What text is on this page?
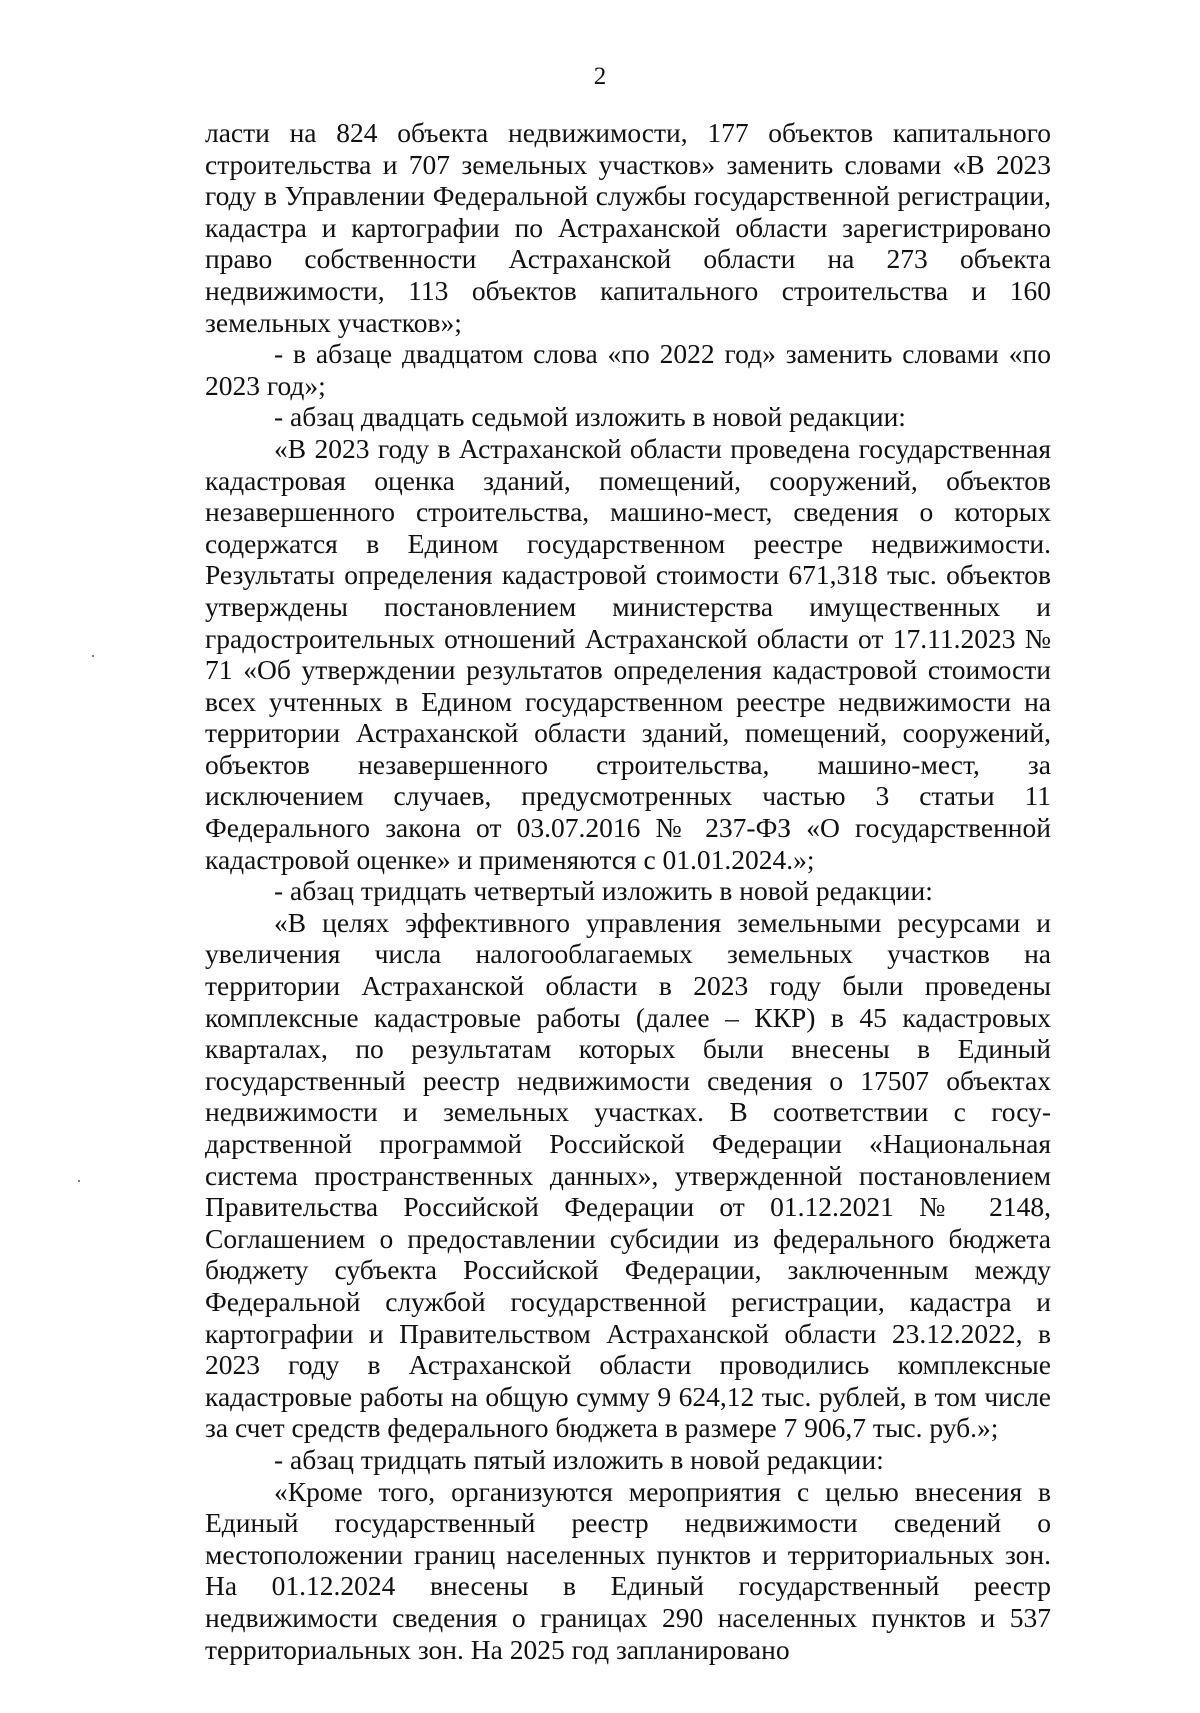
2

ласти на 824 объекта недвижимости, 177 объектов капитального строительства и 707 земельных участков» заменить словами «В 2023 году в Управлении Федеральной службы государственной регистрации, кадастра и картографии по Астраханской области зарегистрировано право собственности Астраханской области на 273 объекта недвижимости, 113 объектов капитального строительства и 160 земельных участков»;

- в абзаце двадцатом слова «по 2022 год» заменить словами «по 2023 год»;

- абзац двадцать седьмой изложить в новой редакции:

«В 2023 году в Астраханской области проведена государственная кадастровая оценка зданий, помещений, сооружений, объектов незавершенного строительства, машино-мест, сведения о которых содержатся в Едином государственном реестре недвижимости. Результаты определения кадастровой стоимости 671,318 тыс. объектов утверждены постановлением министерства имущественных и градостроительных отношений Астраханской области от 17.11.2023 № 71 «Об утверждении результатов определения кадастровой стоимости всех учтенных в Едином государственном реестре недвижимости на территории Астраханской области зданий, помещений, сооружений, объектов незавершенного строительства, машино-мест, за исключением случаев, предусмотренных частью 3 статьи 11 Федерального закона от 03.07.2016 № 237-ФЗ «О государственной кадастровой оценке» и применяются с 01.01.2024.»;

- абзац тридцать четвертый изложить в новой редакции:

«В целях эффективного управления земельными ресурсами и увеличения числа налогооблагаемых земельных участков на территории Астраханской области в 2023 году были проведены комплексные кадастровые работы (далее – ККР) в 45 кадастровых кварталах, по результатам которых были внесены в Единый государственный реестр недвижимости сведения о 17507 объектах недвижимости и земельных участках. В соответствии с государственной программой Российской Федерации «Национальная система пространственных данных», утвержденной постановлением Правительства Российской Федерации от 01.12.2021 № 2148, Соглашением о предоставлении субсидии из федерального бюджета бюджету субъекта Российской Федерации, заключенным между Федеральной службой государственной регистрации, кадастра и картографии и Правительством Астраханской области 23.12.2022, в 2023 году в Астраханской области проводились комплексные кадастровые работы на общую сумму 9 624,12 тыс. рублей, в том числе за счет средств федерального бюджета в размере 7 906,7 тыс. руб.»;

- абзац тридцать пятый изложить в новой редакции:

«Кроме того, организуются мероприятия с целью внесения в Единый государственный реестр недвижимости сведений о местоположении границ населенных пунктов и территориальных зон. На 01.12.2024 внесены в Единый государственный реестр недвижимости сведения о границах 290 населенных пунктов и 537 территориальных зон. На 2025 год запланировано
